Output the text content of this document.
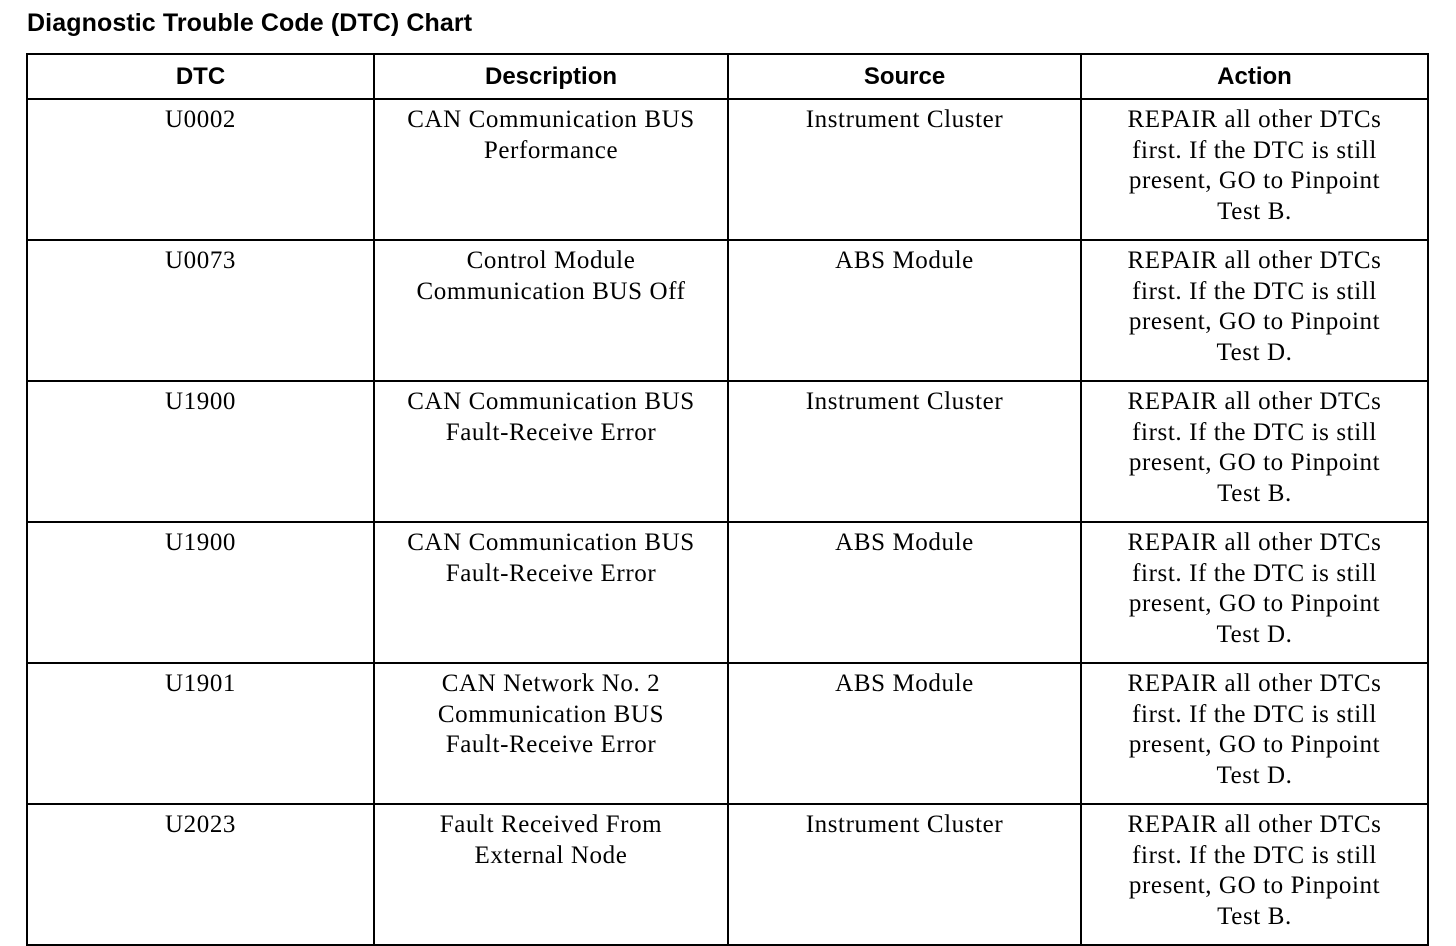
Diagnostic Trouble Code (DTC) Chart
DTC	Description	Source	Action
U0002	CAN Communication BUS Performance	Instrument Cluster	REPAIR all other DTCs first. If the DTC is still present, GO to Pinpoint Test B.
U0073	Control Module Communication BUS Off	ABS Module	REPAIR all other DTCs first. If the DTC is still present, GO to Pinpoint Test D.
U1900	CAN Communication BUS Fault-Receive Error	Instrument Cluster	REPAIR all other DTCs first. If the DTC is still present, GO to Pinpoint Test B.
U1900	CAN Communication BUS Fault-Receive Error	ABS Module	REPAIR all other DTCs first. If the DTC is still present, GO to Pinpoint Test D.
U1901	CAN Network No. 2 Communication BUS Fault-Receive Error	ABS Module	REPAIR all other DTCs first. If the DTC is still present, GO to Pinpoint Test D.
U2023	Fault Received From External Node	Instrument Cluster	REPAIR all other DTCs first. If the DTC is still present, GO to Pinpoint Test B.
